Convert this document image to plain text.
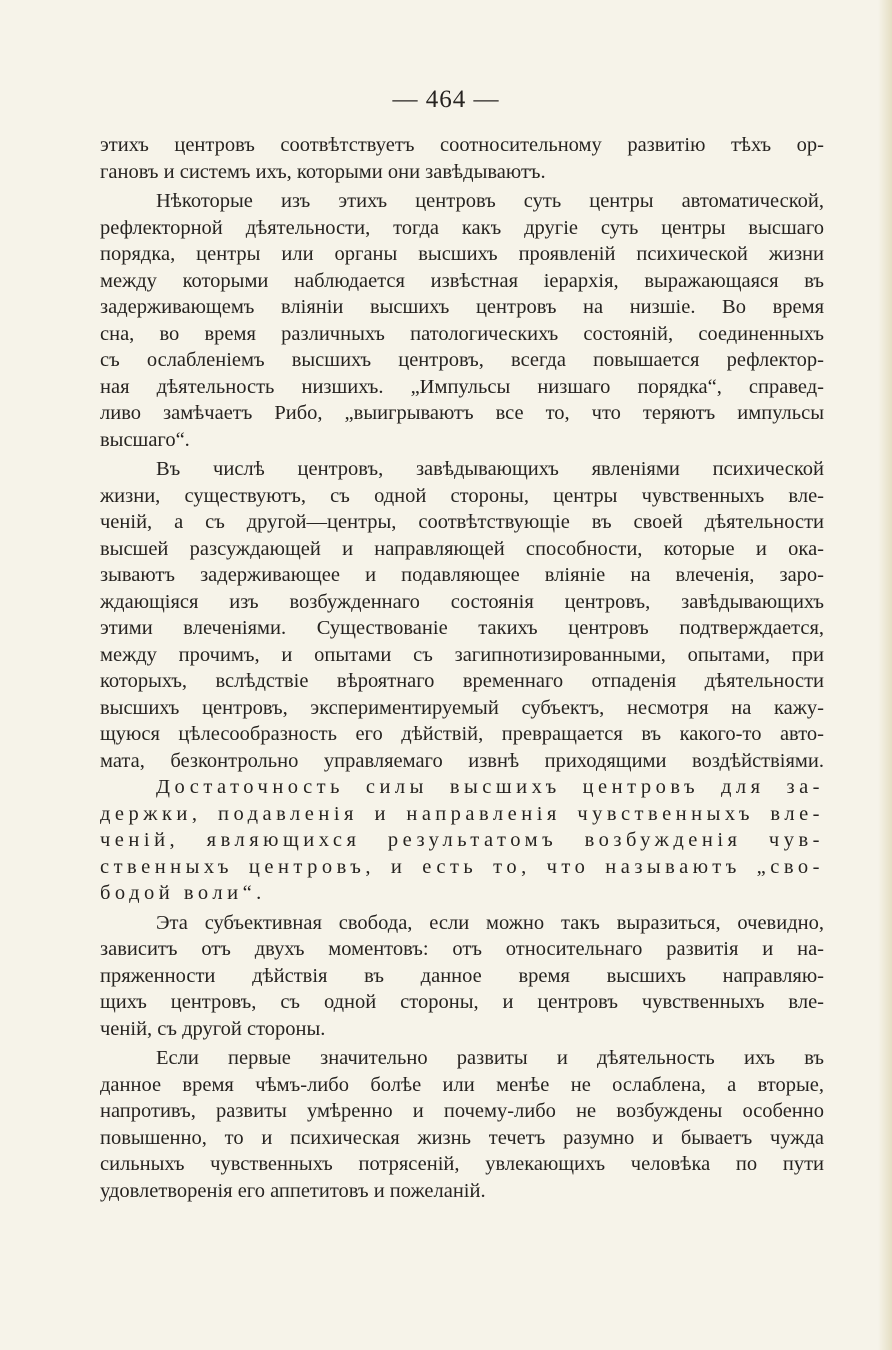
— 464 —
этихъ центровъ соотвѣтствуетъ соотносительному развитію тѣхъ ор-
гановъ и системъ ихъ, которыми они завѣдываютъ.
Нѣкоторые изъ этихъ центровъ суть центры автоматической,
рефлекторной дѣятельности, тогда какъ другіе суть центры высшаго
порядка, центры или органы высшихъ проявленій психической жизни
между которыми наблюдается извѣстная іерархія, выражающаяся въ
задерживающемъ вліяніи высшихъ центровъ на низшіе. Во время
сна, во время различныхъ патологическихъ состояній, соединенныхъ
съ ослабленіемъ высшихъ центровъ, всегда повышается рефлектор-
ная дѣятельность низшихъ. „Импульсы низшаго порядка“, справед-
ливо замѣчаетъ Рибо, „выигрываютъ все то, что теряютъ импульсы
высшаго“.
Въ числѣ центровъ, завѣдывающихъ явленіями психической
жизни, существуютъ, съ одной стороны, центры чувственныхъ вле-
ченій, а съ другой—центры, соотвѣтствующіе въ своей дѣятельности
высшей разсуждающей и направляющей способности, которые и ока-
зываютъ задерживающее и подавляющее вліяніе на влеченія, заро-
ждающіяся изъ возбужденнаго состоянія центровъ, завѣдывающихъ
этими влеченіями. Существованіе такихъ центровъ подтверждается,
между прочимъ, и опытами съ загипнотизированными, опытами, при
которыхъ, вслѣдствіе вѣроятнаго временнаго отпаденія дѣятельности
высшихъ центровъ, экспериментируемый субъектъ, несмотря на кажу-
щуюся цѣлесообразность его дѣйствій, превращается въ какого-то авто-
мата, безконтрольно управляемаго извнѣ приходящими воздѣйствіями.
Достаточность силы высшихъ центровъ для за-
держки, подавленія и направленія чувственныхъ вле-
ченій, являющихся результатомъ возбужденія чув-
ственныхъ центровъ, и есть то, что называютъ „сво-
бодой воли“.
Эта субъективная свобода, если можно такъ выразиться, очевидно,
зависитъ отъ двухъ моментовъ: отъ относительнаго развитія и на-
пряженности дѣйствія въ данное время высшихъ направляю-
щихъ центровъ, съ одной стороны, и центровъ чувственныхъ вле-
ченій, съ другой стороны.
Если первые значительно развиты и дѣятельность ихъ въ
данное время чѣмъ-либо болѣе или менѣе не ослаблена, а вторые,
напротивъ, развиты умѣренно и почему-либо не возбуждены особенно
повышенно, то и психическая жизнь течетъ разумно и бываетъ чужда
сильныхъ чувственныхъ потрясеній, увлекающихъ человѣка по пути
удовлетворенія его аппетитовъ и пожеланій.
